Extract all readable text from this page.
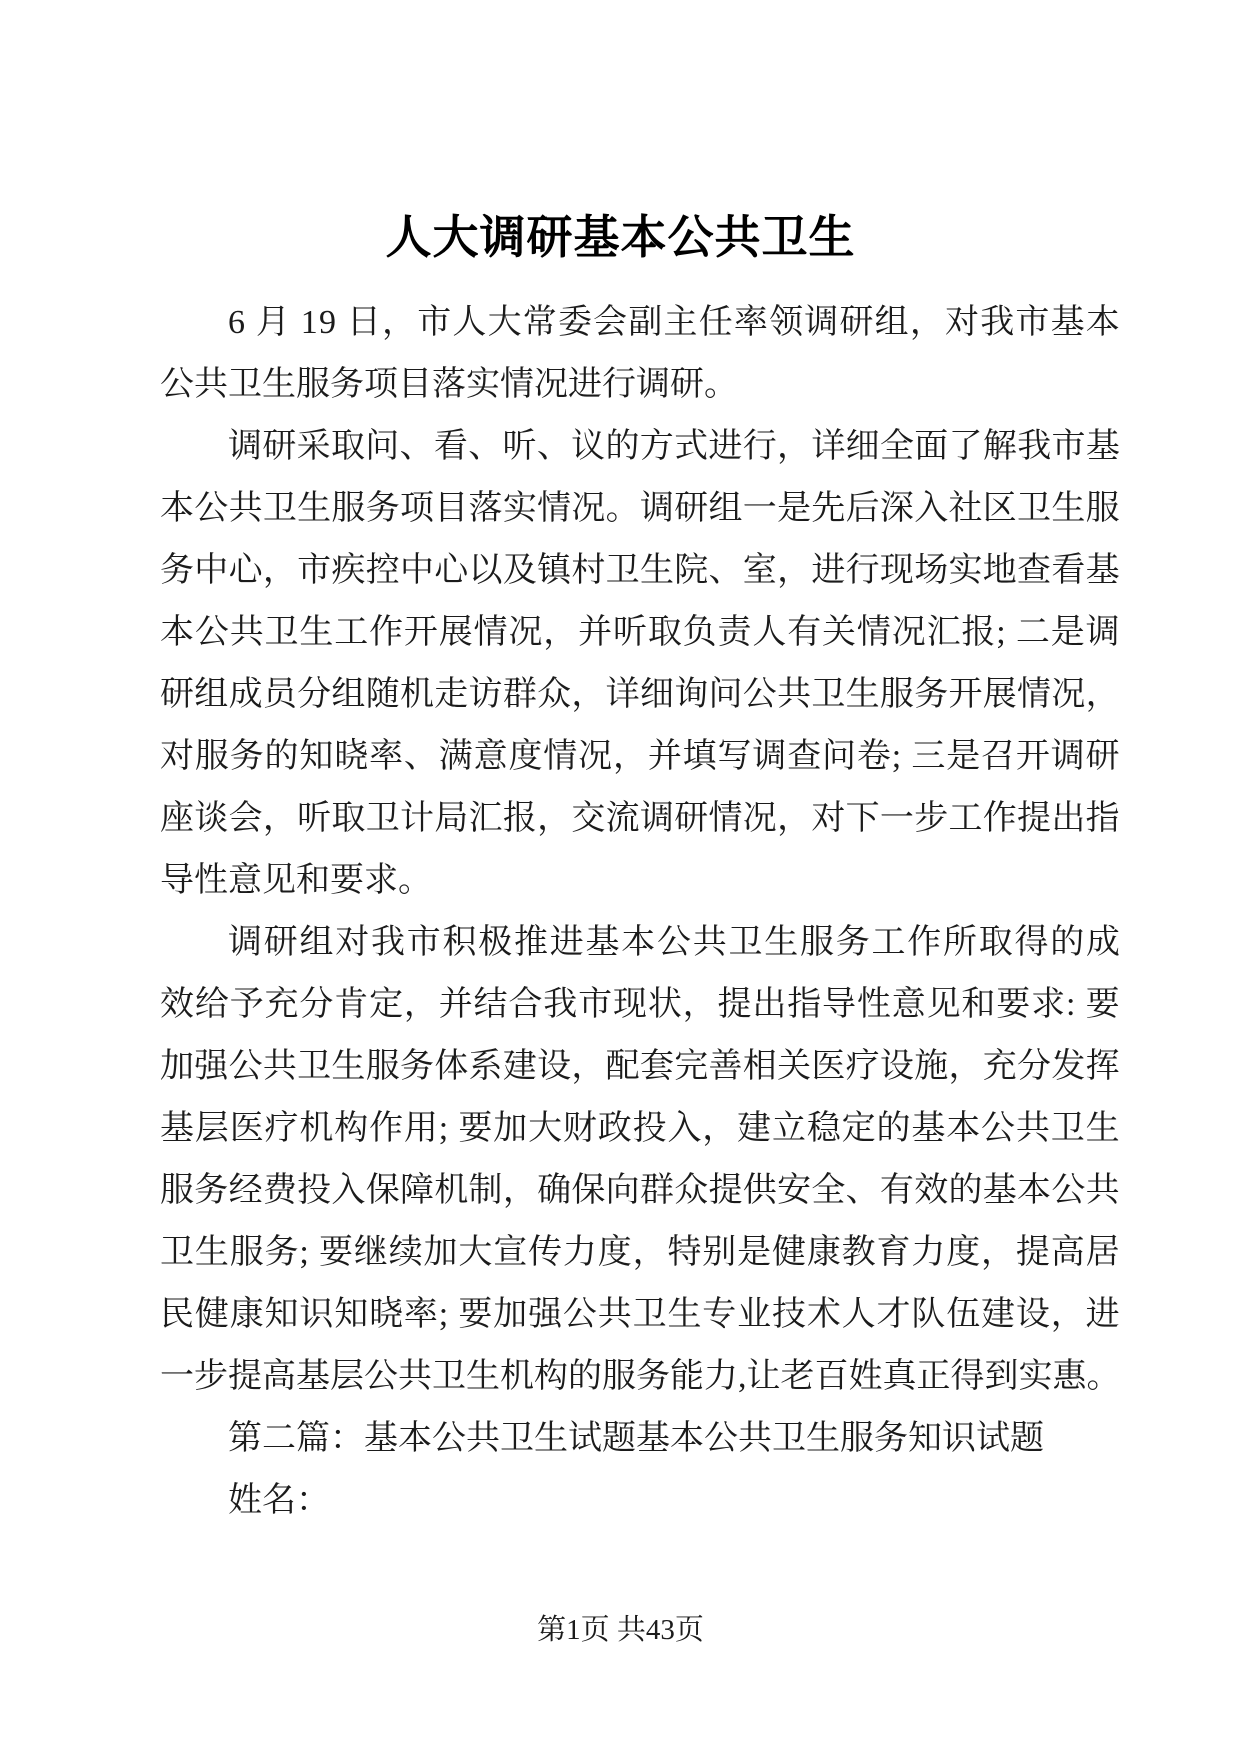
人大调研基本公共卫生
6
月
1 9
日 ， 市 人 大 常 委 会 副 主 任 率 领 调 研 组 ， 对 我 市 基 本
公共卫生服务项目落实情况进行调研。
调 研 采 取 问 、 看 、 听 、 议 的 方 式 进 行 ， 详 细 全 面 了 解 我 市 基
本 公 共 卫 生 服 务 项 目 落 实 情 况 。 调 研 组 一 是 先 后 深 入 社 区 卫 生 服
务 中 心 ， 市 疾 控 中 心 以 及 镇 村 卫 生 院 、 室 ， 进 行 现 场 实 地 查 看 基
本 公 共 卫 生 工 作 开 展 情 况 ， 并 听 取 负 责 人 有 关 情 况 汇 报 ;
二 是 调
研 组 成 员 分 组 随 机 走 访 群 众 ， 详 细 询 问 公 共 卫 生 服 务 开 展 情 况 ，
对 服 务 的 知 晓 率 、 满 意 度 情 况 ， 并 填 写 调 查 问 卷 ;
三 是 召 开 调 研
座 谈 会 ， 听 取 卫 计 局 汇 报 ， 交 流 调 研 情 况 ， 对 下 一 步 工 作 提 出 指
导性意见和要求。
调 研 组 对 我 市 积 极 推 进 基 本 公 共 卫 生 服 务 工 作 所 取 得 的 成
效 给 予 充 分 肯 定 ， 并 结 合 我 市 现 状 ， 提 出 指 导 性 意 见 和 要 求 :
要
加 强 公 共 卫 生 服 务 体 系 建 设 ， 配 套 完 善 相 关 医 疗 设 施 ， 充 分 发 挥
基 层 医 疗 机 构 作 用 ;
要 加 大 财 政 投 入 ， 建 立 稳 定 的 基 本 公 共 卫 生
服 务 经 费 投 入 保 障 机 制 ， 确 保 向 群 众 提 供 安 全 、 有 效 的 基 本 公 共
卫 生 服 务 ;
要 继 续 加 大 宣 传 力 度 ， 特 别 是 健 康 教 育 力 度 ， 提 高 居
民 健 康 知 识 知 晓 率 ;
要 加 强 公 共 卫 生 专 业 技 术 人 才 队 伍 建 设 ， 进
一 步 提 高 基 层 公 共 卫 生 机 构 的 服 务 能 力 , 让 老 百 姓 真 正 得 到 实 惠 。
第二篇：基本公共卫生试题基本公共卫生服务知识试题
姓名：
第1页 共43页
